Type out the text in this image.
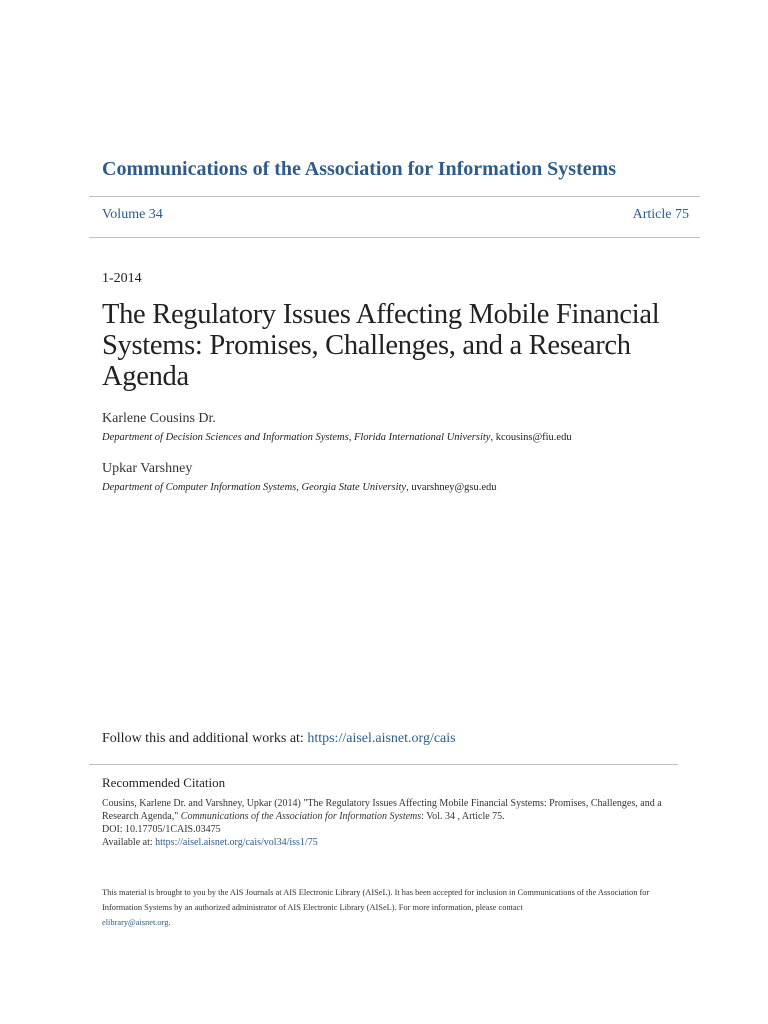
Communications of the Association for Information Systems
Volume 34	Article 75
1-2014
The Regulatory Issues Affecting Mobile Financial Systems: Promises, Challenges, and a Research Agenda
Karlene Cousins Dr.
Department of Decision Sciences and Information Systems, Florida International University, kcousins@fiu.edu
Upkar Varshney
Department of Computer Information Systems, Georgia State University, uvarshney@gsu.edu
Follow this and additional works at: https://aisel.aisnet.org/cais
Recommended Citation
Cousins, Karlene Dr. and Varshney, Upkar (2014) "The Regulatory Issues Affecting Mobile Financial Systems: Promises, Challenges, and a Research Agenda," Communications of the Association for Information Systems: Vol. 34 , Article 75.
DOI: 10.17705/1CAIS.03475
Available at: https://aisel.aisnet.org/cais/vol34/iss1/75
This material is brought to you by the AIS Journals at AIS Electronic Library (AISeL). It has been accepted for inclusion in Communications of the Association for Information Systems by an authorized administrator of AIS Electronic Library (AISeL). For more information, please contact
elibrary@aisnet.org.
